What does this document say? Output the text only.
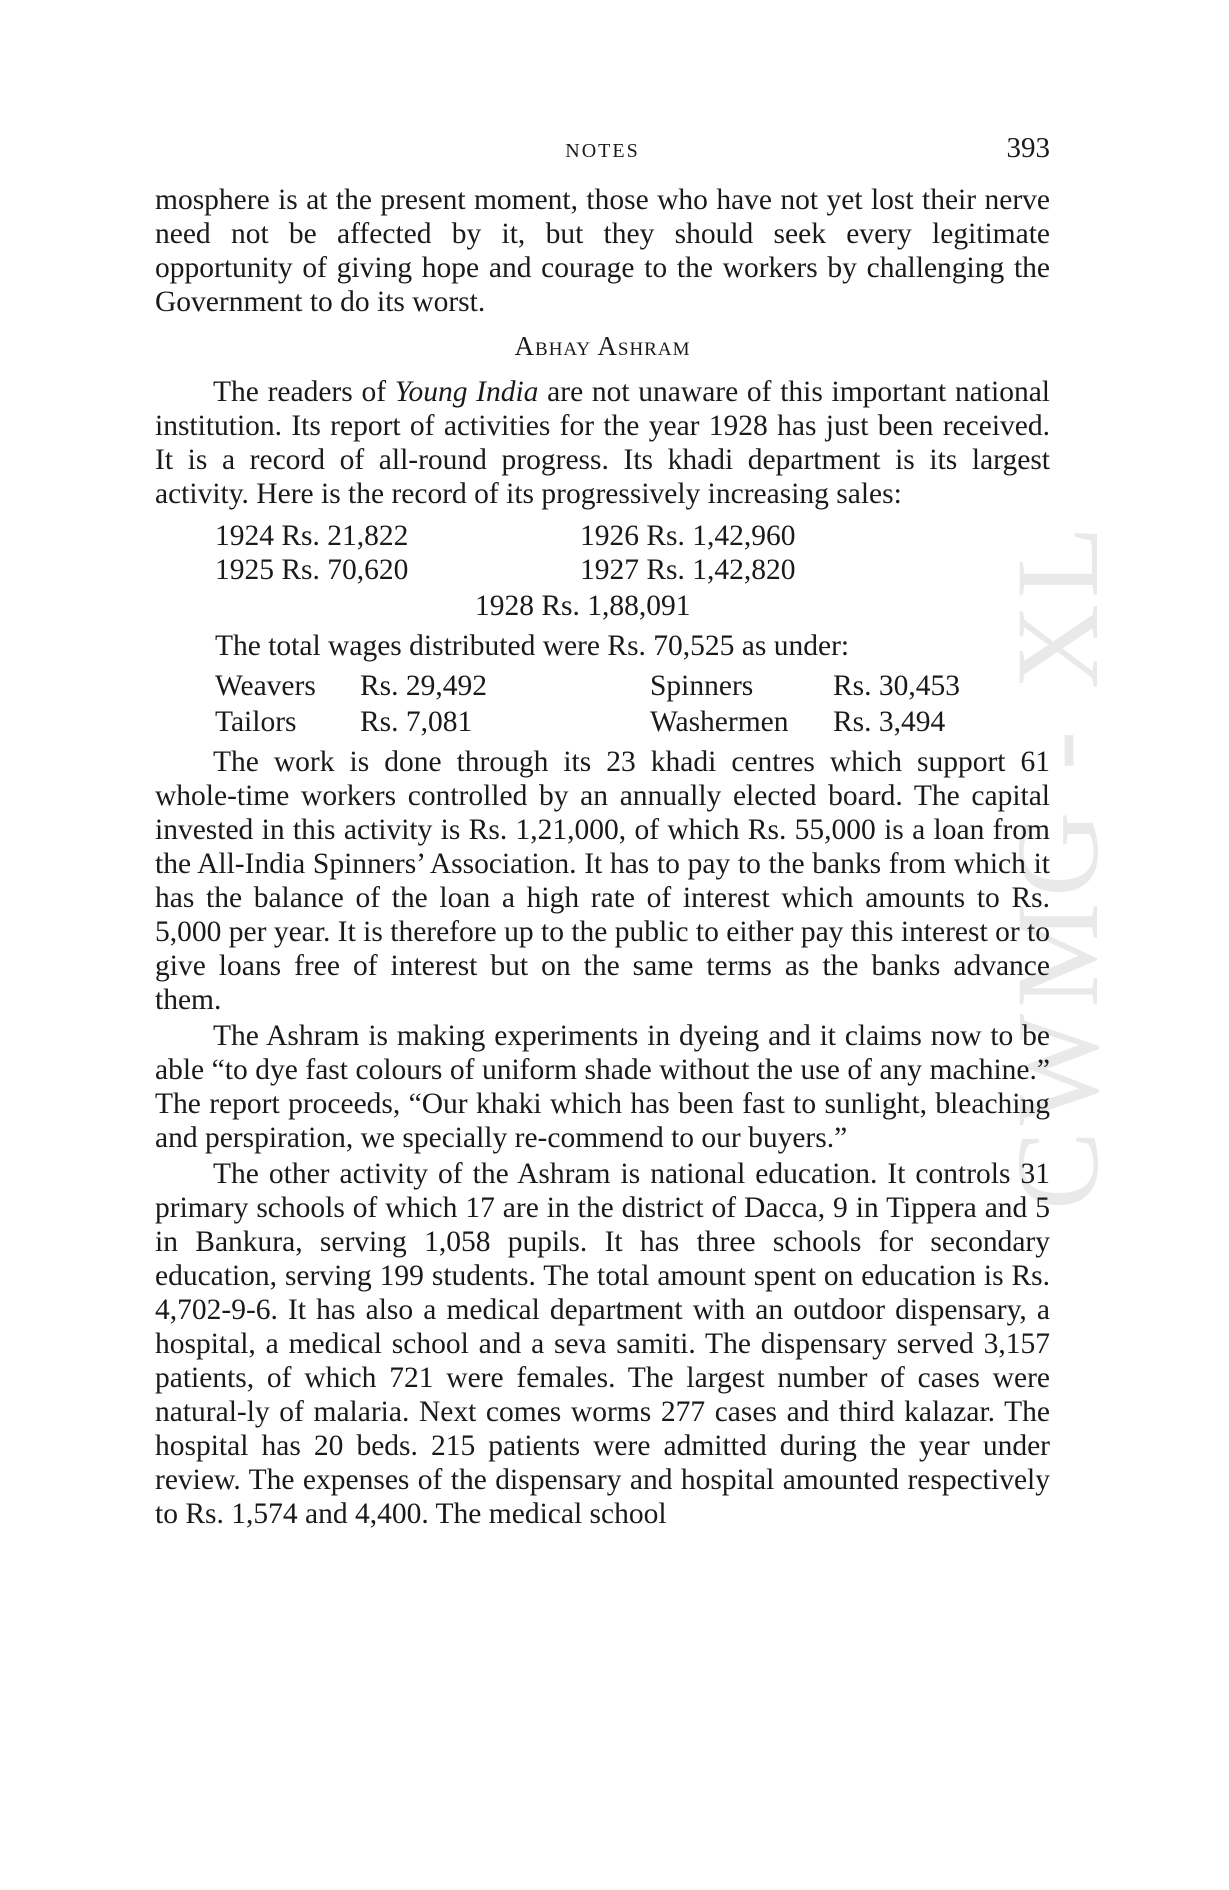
CWMG - XL
NOTES	393

mosphere is at the present moment, those who have not yet lost their nerve need not be affected by it, but they should seek every legitimate opportunity of giving hope and courage to the workers by challenging the Government to do its worst.

Abhay Ashram

The readers of Young India are not unaware of this important national institution. Its report of activities for the year 1928 has just been received. It is a record of all-round progress. Its khadi department is its largest activity. Here is the record of its progressively increasing sales:

1924 Rs. 21,822	1926 Rs. 1,42,960
1925 Rs. 70,620	1927 Rs. 1,42,820
1928 Rs. 1,88,091

The total wages distributed were Rs. 70,525 as under:

Weavers Rs. 29,492	Spinners	Rs. 30,453
Tailors Rs. 7,081	Washermen Rs. 3,494

The work is done through its 23 khadi centres which support 61 whole-time workers controlled by an annually elected board. The capital invested in this activity is Rs. 1,21,000, of which Rs. 55,000 is a loan from the All-India Spinners’ Association. It has to pay to the banks from which it has the balance of the loan a high rate of interest which amounts to Rs. 5,000 per year. It is therefore up to the public to either pay this interest or to give loans free of interest but on the same terms as the banks advance them.

The Ashram is making experiments in dyeing and it claims now to be able “to dye fast colours of uniform shade without the use of any machine.” The report proceeds, “Our khaki which has been fast to sunlight, bleaching and perspiration, we specially re-commend to our buyers.”

The other activity of the Ashram is national education. It controls 31 primary schools of which 17 are in the district of Dacca, 9 in Tippera and 5 in Bankura, serving 1,058 pupils. It has three schools for secondary education, serving 199 students. The total amount spent on education is Rs. 4,702-9-6. It has also a medical department with an outdoor dispensary, a hospital, a medical school and a seva samiti. The dispensary served 3,157 patients, of which 721 were females. The largest number of cases were natural-ly of malaria. Next comes worms 277 cases and third kalazar. The hospital has 20 beds. 215 patients were admitted during the year under review. The expenses of the dispensary and hospital amounted respectively to Rs. 1,574 and 4,400. The medical school
